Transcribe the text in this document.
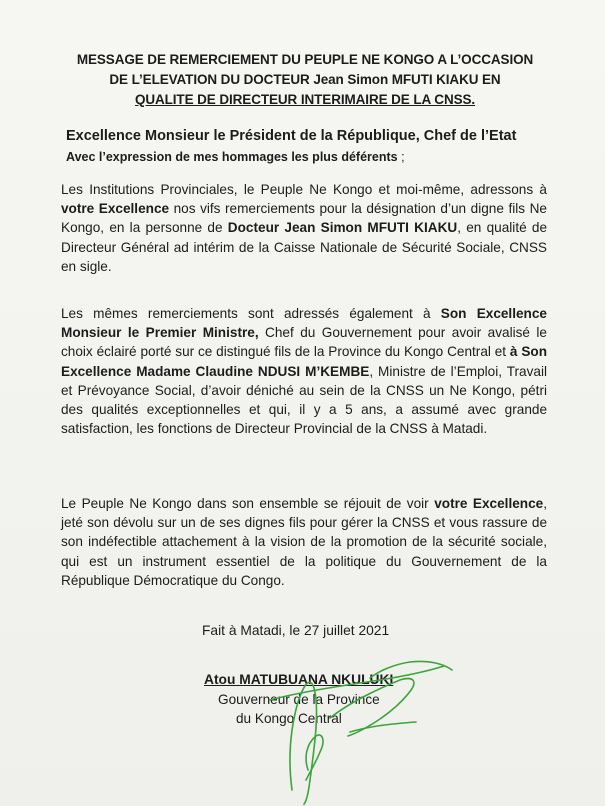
MESSAGE DE REMERCIEMENT DU PEUPLE NE KONGO A L’OCCASION
DE L’ELEVATION DU DOCTEUR Jean Simon MFUTI KIAKU EN
QUALITE DE DIRECTEUR INTERIMAIRE DE LA CNSS.
Excellence Monsieur le Président de la République, Chef de l’Etat
Avec l’expression de mes hommages les plus déférents ;
Les Institutions Provinciales, le Peuple Ne Kongo et moi-même, adressons à votre Excellence nos vifs remerciements pour la désignation d’un digne fils Ne Kongo, en la personne de Docteur Jean Simon MFUTI KIAKU, en qualité de Directeur Général ad intérim de la Caisse Nationale de Sécurité Sociale, CNSS en sigle.
Les mêmes remerciements sont adressés également à Son Excellence Monsieur le Premier Ministre, Chef du Gouvernement pour avoir avalisé le choix éclairé porté sur ce distingué fils de la Province du Kongo Central et à Son Excellence Madame Claudine NDUSI M’KEMBE, Ministre de l’Emploi, Travail et Prévoyance Social, d’avoir déniché au sein de la CNSS un Ne Kongo, pétri des qualités exceptionnelles et qui, il y a 5 ans, a assumé avec grande satisfaction, les fonctions de Directeur Provincial de la CNSS à Matadi.
Le Peuple Ne Kongo dans son ensemble se réjouit de voir votre Excellence, jeté son dévolu sur un de ses dignes fils pour gérer la CNSS et vous rassure de son indéfectible attachement à la vision de la promotion de la sécurité sociale, qui est un instrument essentiel de la politique du Gouvernement de la République Démocratique du Congo.
Fait à Matadi, le 27 juillet 2021
Atou MATUBUANA NKULUKI
Gouverneur de la Province
du Kongo Central
